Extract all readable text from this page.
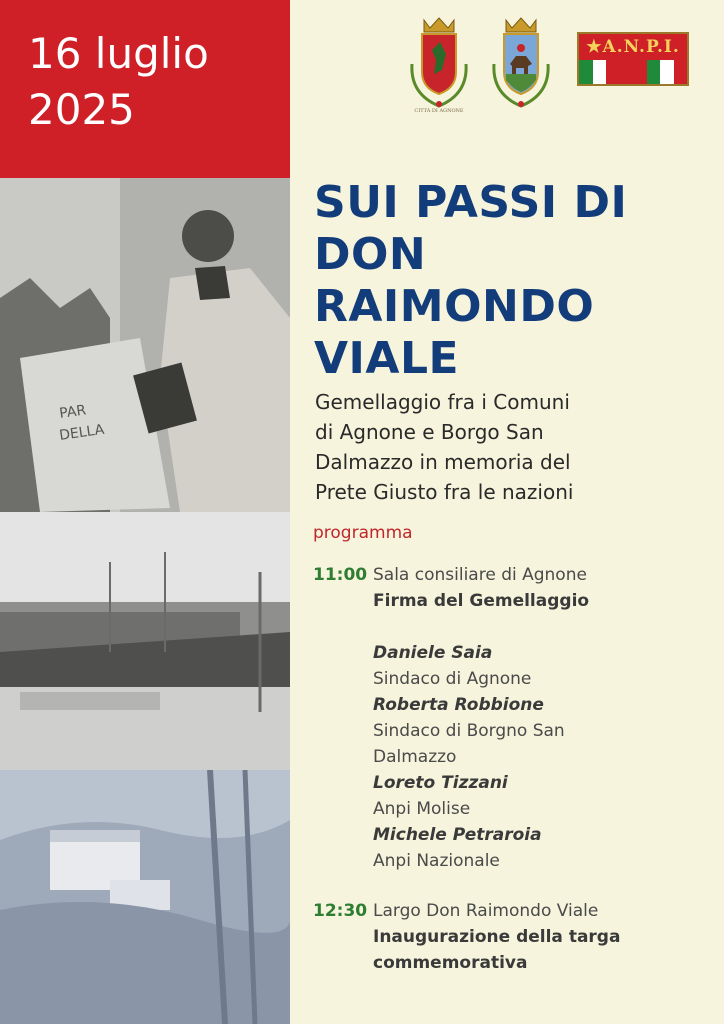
16 luglio
2025
PAR
DELLA
CITTÀ DI AGNONE
★A.N.P.I.
SUI PASSI DI
DON
RAIMONDO
VIALE
Gemellaggio fra i Comuni
di Agnone e Borgo San
Dalmazzo in memoria del
Prete Giusto fra le nazioni
programma
11:00 Sala consiliare di Agnone
Firma del Gemellaggio
Daniele Saia
Sindaco di Agnone
Roberta Robbione
Sindaco di Borgno San
Dalmazzo
Loreto Tizzani
Anpi Molise
Michele Petraroia
Anpi Nazionale
12:30 Largo Don Raimondo Viale
Inaugurazione della targa
commemorativa
